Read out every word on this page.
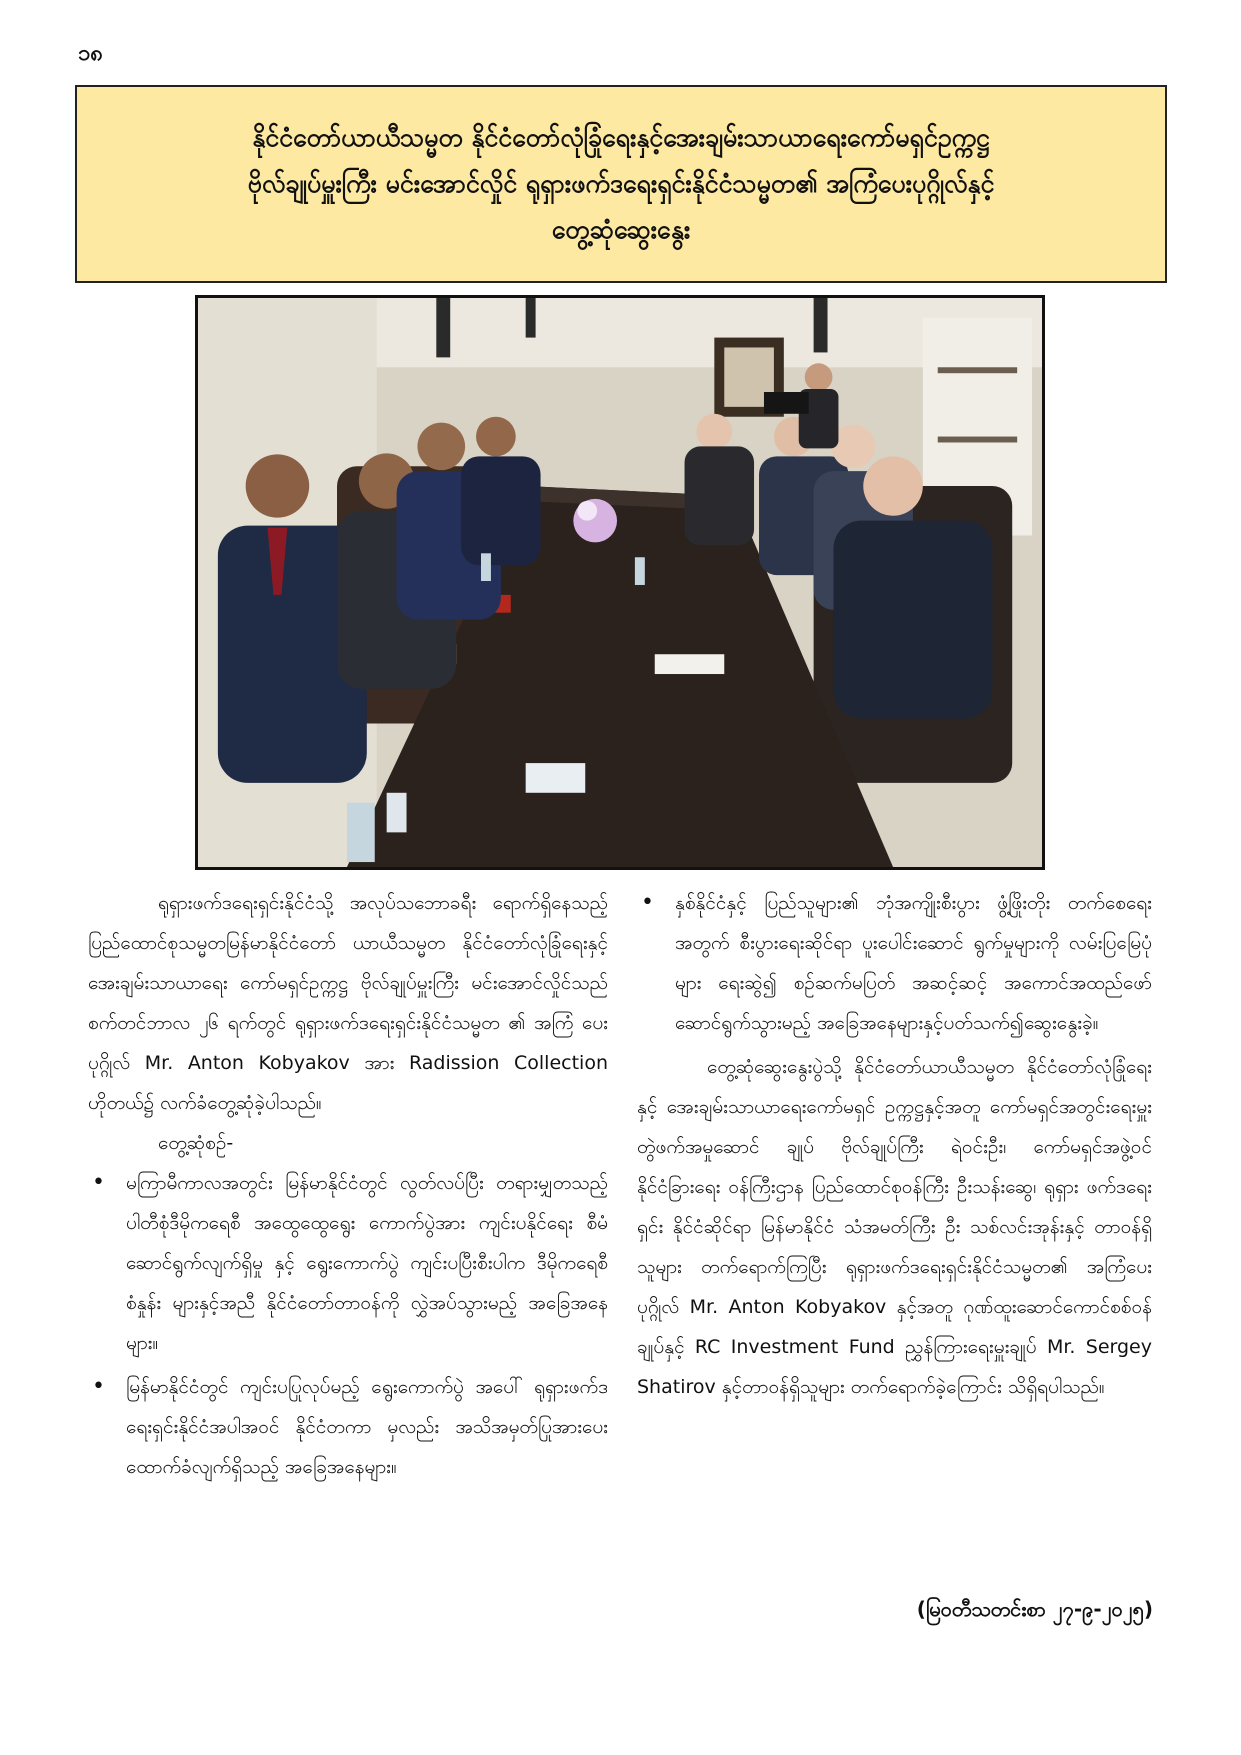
၁၈
နိုင်ငံတော်ယာယီသမ္မတ နိုင်ငံတော်လုံခြုံရေးနှင့်အေးချမ်းသာယာရေးကော်မရှင်ဥက္ကဋ္ဌ
ဗိုလ်ချုပ်မှူးကြီး မင်းအောင်လှိုင် ရုရှားဖက်ဒရေးရှင်းနိုင်ငံသမ္မတ၏ အကြံပေးပုဂ္ဂိုလ်နှင့်
တွေ့ဆုံဆွေးနွေး

ရုရှားဖက်ဒရေးရှင်းနိုင်ငံသို့ အလုပ်သဘောခရီး ရောက်ရှိနေသည့် ပြည်ထောင်စုသမ္မတမြန်မာနိုင်ငံတော် ယာယီသမ္မတ နိုင်ငံတော်လုံခြုံရေးနှင့် အေးချမ်းသာယာရေး ကော်မရှင်ဥက္ကဋ္ဌ ဗိုလ်ချုပ်မှူးကြီး မင်းအောင်လှိုင်သည် စက်တင်ဘာလ ၂၆ ရက်တွင် ရုရှားဖက်ဒရေးရှင်းနိုင်ငံသမ္မတ ၏ အကြံ ပေးပုဂ္ဂိုလ် Mr. Anton Kobyakov အား Radission Collection ဟိုတယ်၌ လက်ခံတွေ့ဆုံခဲ့ပါသည်။

တွေ့ဆုံစဉ်-

• မကြာမီကာလအတွင်း မြန်မာနိုင်ငံတွင် လွတ်လပ်ပြီး တရားမျှတသည့် ပါတီစုံဒီမိုကရေစီ အထွေထွေရွေး ကောက်ပွဲအား ကျင်းပနိုင်ရေး စီမံဆောင်ရွက်လျက်ရှိမှု နှင့် ရွေးကောက်ပွဲ ကျင်းပပြီးစီးပါက ဒီမိုကရေစီစံနှုန်း များနှင့်အညီ နိုင်ငံတော်တာဝန်ကို လွှဲအပ်သွားမည့် အခြေအနေများ။
• မြန်မာနိုင်ငံတွင် ကျင်းပပြုလုပ်မည့် ရွေးကောက်ပွဲ အပေါ် ရုရှားဖက်ဒရေးရှင်းနိုင်ငံအပါအဝင် နိုင်ငံတကာ မှလည်း အသိအမှတ်ပြုအားပေးထောက်ခံလျက်ရှိသည့် အခြေအနေများ။
• နှစ်နိုင်ငံနှင့် ပြည်သူများ၏ ဘုံအကျိုးစီးပွား ဖွံ့ဖြိုးတိုး တက်စေရေးအတွက် စီးပွားရေးဆိုင်ရာ ပူးပေါင်းဆောင် ရွက်မှုများကို လမ်းပြမြေပုံများ ရေးဆွဲ၍ စဉ်ဆက်မပြတ် အဆင့်ဆင့် အကောင်အထည်ဖော်ဆောင်ရွက်သွားမည့် အခြေအနေများနှင့်ပတ်သက်၍ဆွေးနွေးခဲ့။

တွေ့ဆုံဆွေးနွေးပွဲသို့ နိုင်ငံတော်ယာယီသမ္မတ နိုင်ငံတော်လုံခြုံရေးနှင့် အေးချမ်းသာယာရေးကော်မရှင် ဥက္ကဋ္ဌနှင့်အတူ ကော်မရှင်အတွင်းရေးမှူး တွဲဖက်အမှုဆောင် ချုပ် ဗိုလ်ချုပ်ကြီး ရဲဝင်းဦး၊ ကော်မရှင်အဖွဲ့ဝင် နိုင်ငံခြားရေး ဝန်ကြီးဌာန ပြည်ထောင်စုဝန်ကြီး ဦးသန်းဆွေ၊ ရုရှား ဖက်ဒရေးရှင်း နိုင်ငံဆိုင်ရာ မြန်မာနိုင်ငံ သံအမတ်ကြီး ဦး သစ်လင်းအုန်းနှင့် တာဝန်ရှိသူများ တက်ရောက်ကြပြီး ရုရှားဖက်ဒရေးရှင်းနိုင်ငံသမ္မတ၏ အကြံပေးပုဂ္ဂိုလ် Mr. Anton Kobyakov နှင့်အတူ ဂုဏ်ထူးဆောင်ကောင်စစ်ဝန် ချုပ်နှင့် RC Investment Fund ညွှန်ကြားရေးမှူးချုပ် Mr. Sergey Shatirov နှင့်တာဝန်ရှိသူများ တက်ရောက်ခဲ့ကြောင်း သိရှိရပါသည်။

(မြဝတီသတင်းစာ ၂၇-၉-၂၀၂၅)
